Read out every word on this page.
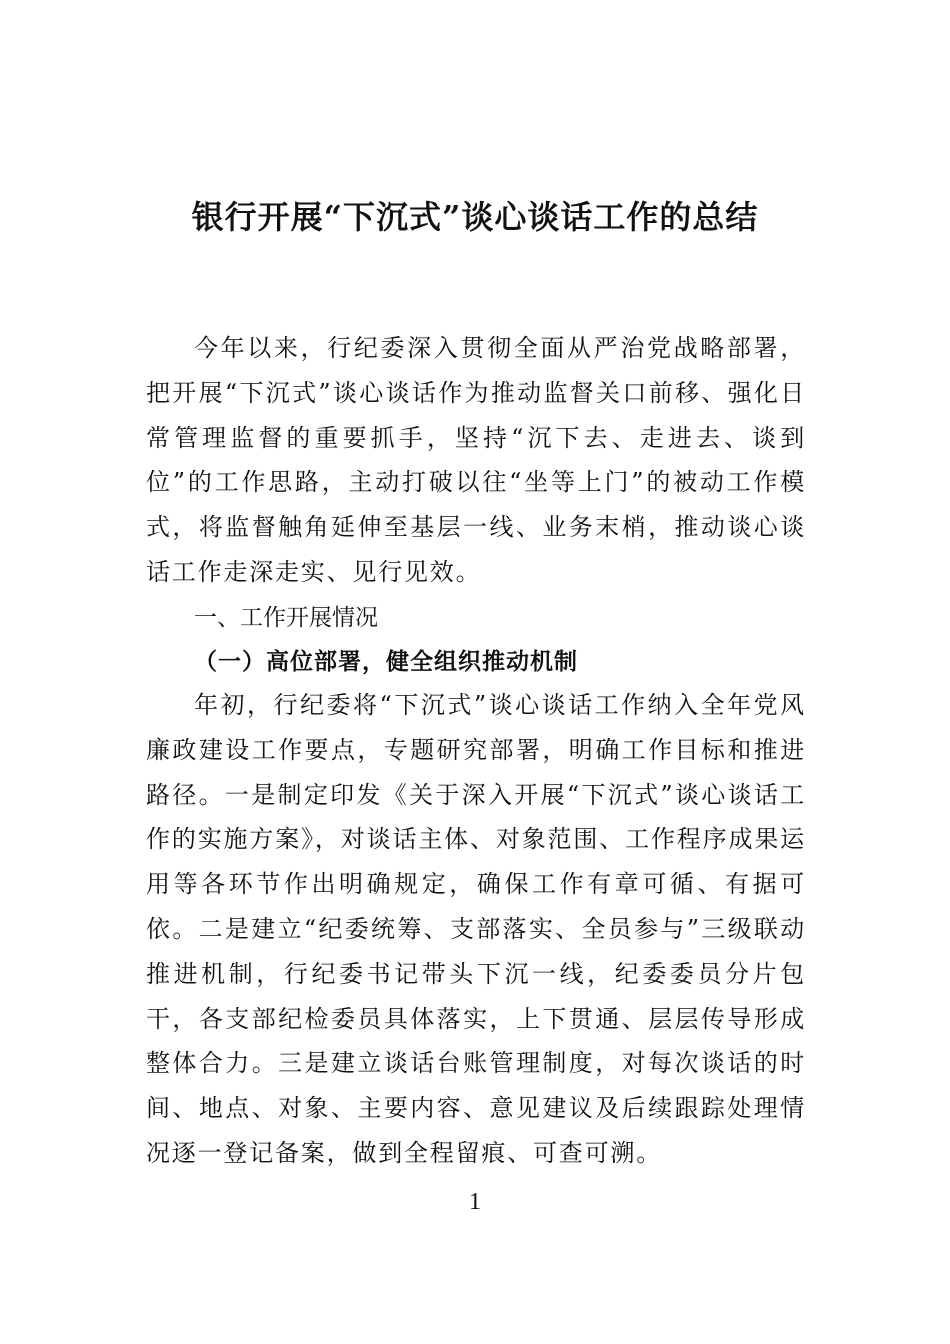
银行开展“下沉式”谈心谈话工作的总结

今年以来，行纪委深入贯彻全面从严治党战略部署，把开展“下沉式”谈心谈话作为推动监督关口前移、强化日常管理监督的重要抓手，坚持“沉下去、走进去、谈到位”的工作思路，主动打破以往“坐等上门”的被动工作模式，将监督触角延伸至基层一线、业务末梢，推动谈心谈话工作走深走实、见行见效。

一、工作开展情况
（一）高位部署，健全组织推动机制

年初，行纪委将“下沉式”谈心谈话工作纳入全年党风廉政建设工作要点，专题研究部署，明确工作目标和推进路径。一是制定印发《关于深入开展“下沉式”谈心谈话工作的实施方案》，对谈话主体、对象范围、工作程序成果运用等各环节作出明确规定，确保工作有章可循、有据可依。二是建立“纪委统筹、支部落实、全员参与”三级联动推进机制，行纪委书记带头下沉一线，纪委委员分片包干，各支部纪检委员具体落实，上下贯通、层层传导形成整体合力。三是建立谈话台账管理制度，对每次谈话的时间、地点、对象、主要内容、意见建议及后续跟踪处理情况逐一登记备案，做到全程留痕、可查可溯。

1
